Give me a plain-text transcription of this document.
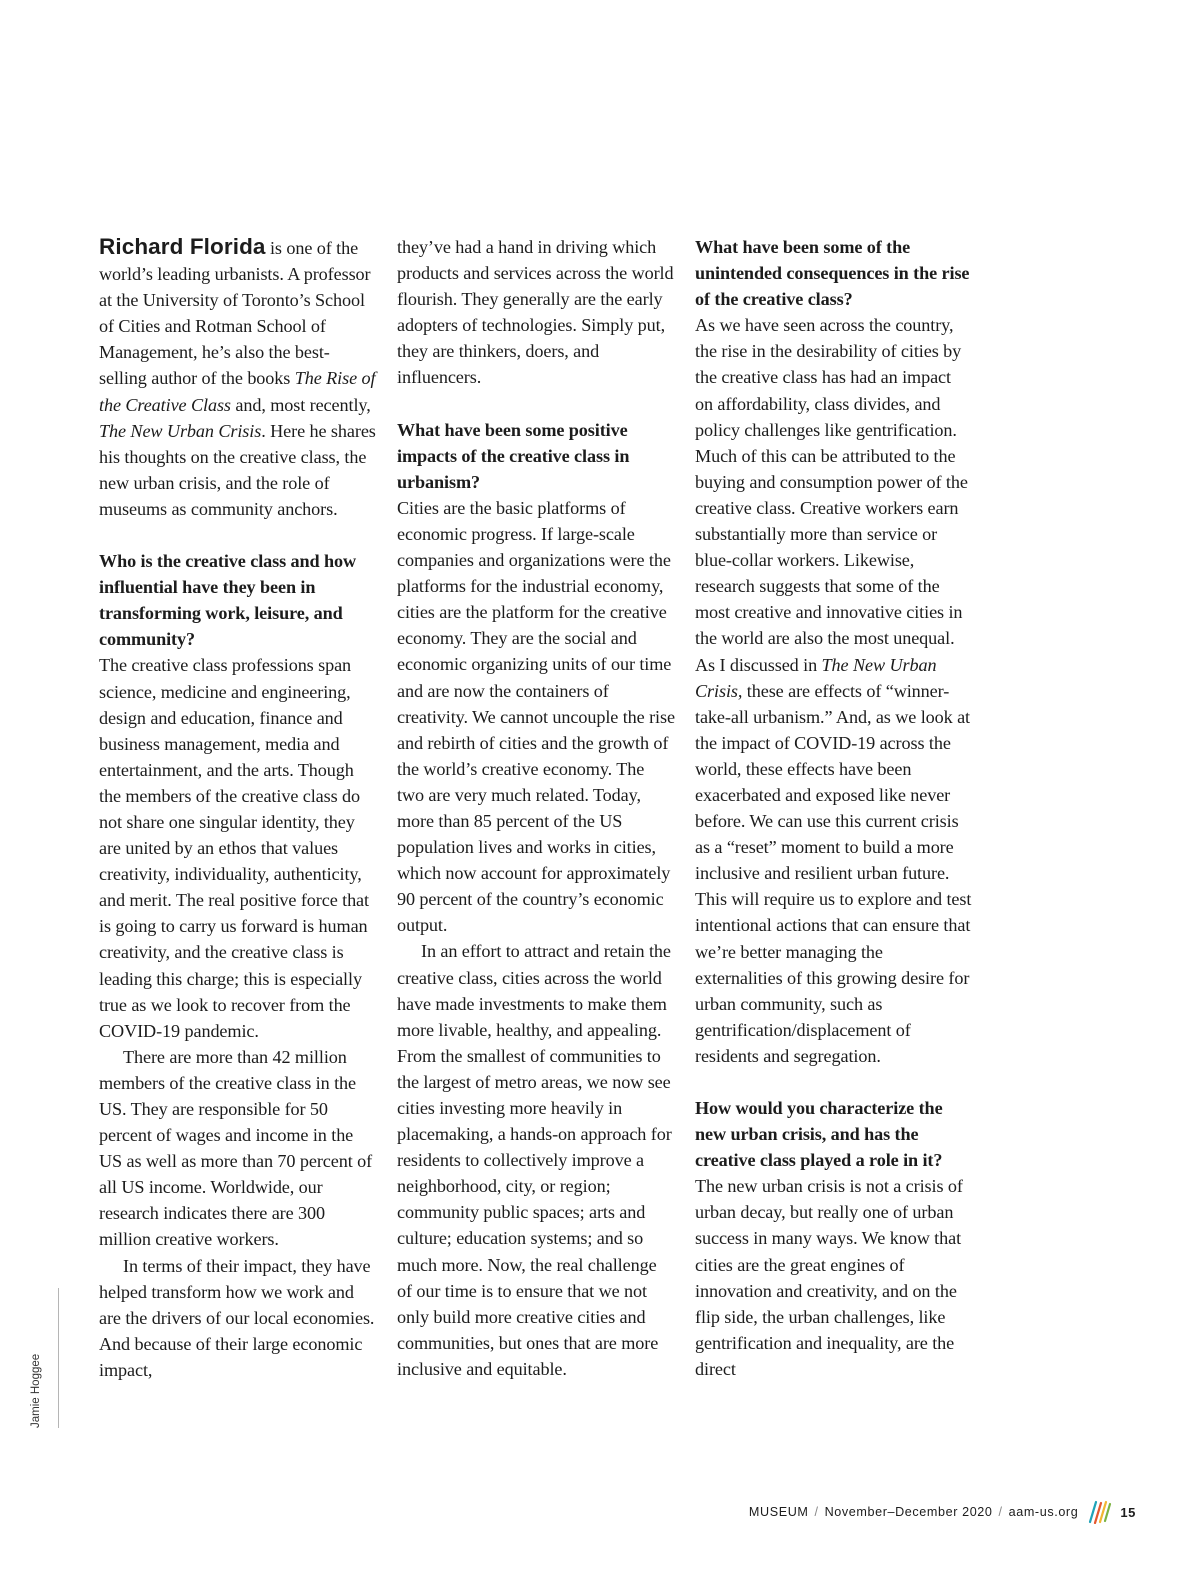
Jamie Hoggee

Richard Florida is one of the world’s leading urbanists. A professor at the University of Toronto’s School of Cities and Rotman School of Management, he’s also the best-selling author of the books The Rise of the Creative Class and, most recently, The New Urban Crisis. Here he shares his thoughts on the creative class, the new urban crisis, and the role of museums as community anchors.

Who is the creative class and how influential have they been in transforming work, leisure, and community?

The creative class professions span science, medicine and engineering, design and education, finance and business management, media and entertainment, and the arts. Though the members of the creative class do not share one singular identity, they are united by an ethos that values creativity, individuality, authenticity, and merit. The real positive force that is going to carry us forward is human creativity, and the creative class is leading this charge; this is especially true as we look to recover from the COVID-19 pandemic.

There are more than 42 million members of the creative class in the US. They are responsible for 50 percent of wages and income in the US as well as more than 70 percent of all US income. Worldwide, our research indicates there are 300 million creative workers.

In terms of their impact, they have helped transform how we work and are the drivers of our local economies. And because of their large economic impact,

they’ve had a hand in driving which products and services across the world flourish. They generally are the early adopters of technologies. Simply put, they are thinkers, doers, and influencers.

What have been some positive impacts of the creative class in urbanism?

Cities are the basic platforms of economic progress. If large-scale companies and organizations were the platforms for the industrial economy, cities are the platform for the creative economy. They are the social and economic organizing units of our time and are now the containers of creativity. We cannot uncouple the rise and rebirth of cities and the growth of the world’s creative economy. The two are very much related. Today, more than 85 percent of the US population lives and works in cities, which now account for approximately 90 percent of the country’s economic output.

In an effort to attract and retain the creative class, cities across the world have made investments to make them more livable, healthy, and appealing. From the smallest of communities to the largest of metro areas, we now see cities investing more heavily in placemaking, a hands-on approach for residents to collectively improve a neighborhood, city, or region; community public spaces; arts and culture; education systems; and so much more. Now, the real challenge of our time is to ensure that we not only build more creative cities and communities, but ones that are more inclusive and equitable.

What have been some of the unintended consequences in the rise of the creative class?

As we have seen across the country, the rise in the desirability of cities by the creative class has had an impact on affordability, class divides, and policy challenges like gentrification. Much of this can be attributed to the buying and consumption power of the creative class. Creative workers earn substantially more than service or blue-collar workers. Likewise, research suggests that some of the most creative and innovative cities in the world are also the most unequal. As I discussed in The New Urban Crisis, these are effects of “winner-take-all urbanism.” And, as we look at the impact of COVID-19 across the world, these effects have been exacerbated and exposed like never before. We can use this current crisis as a “reset” moment to build a more inclusive and resilient urban future. This will require us to explore and test intentional actions that can ensure that we’re better managing the externalities of this growing desire for urban community, such as gentrification/displacement of residents and segregation.

How would you characterize the new urban crisis, and has the creative class played a role in it?

The new urban crisis is not a crisis of urban decay, but really one of urban success in many ways. We know that cities are the great engines of innovation and creativity, and on the flip side, the urban challenges, like gentrification and inequality, are the direct

MUSEUM / November–December 2020 / aam-us.org	15
